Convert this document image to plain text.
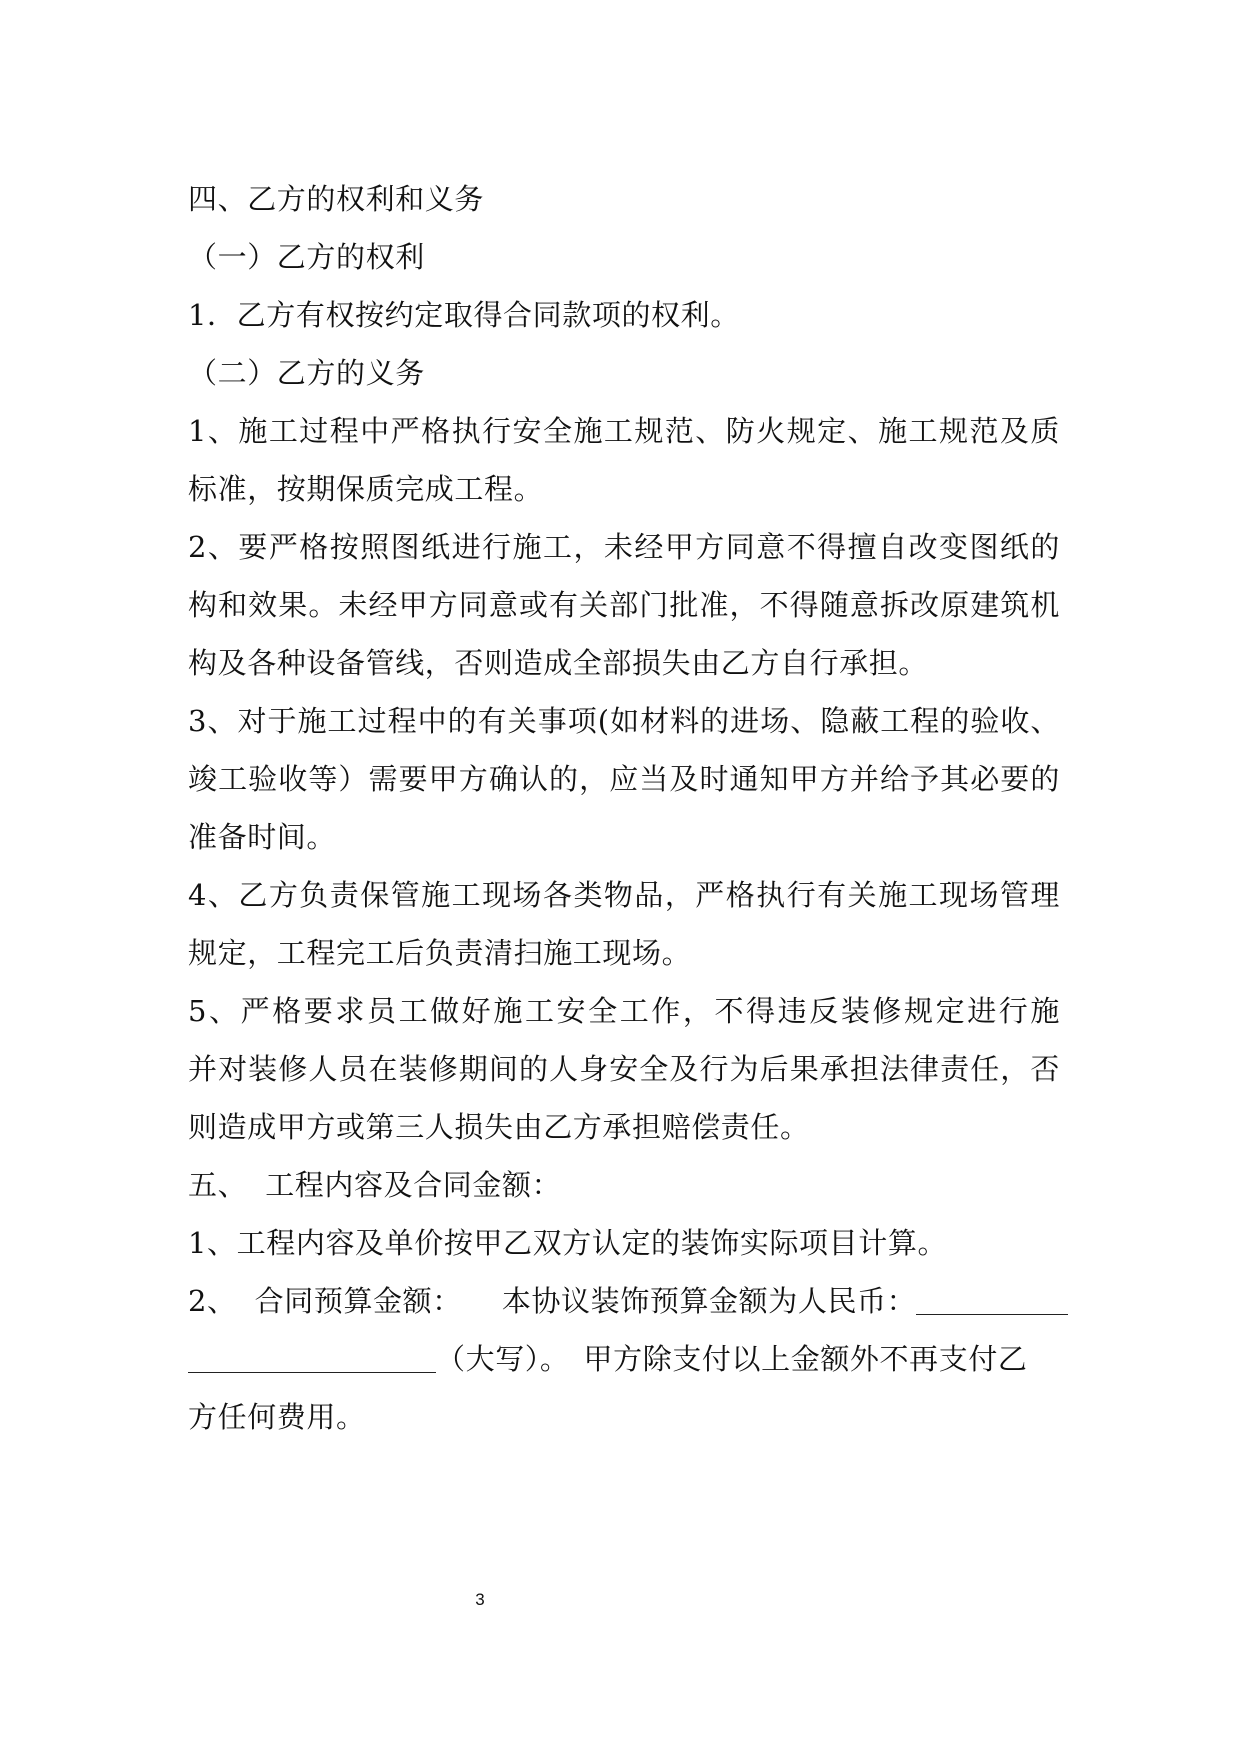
四、乙方的权利和义务
（一）乙方的权利
1．乙方有权按约定取得合同款项的权利。
（二）乙方的义务
1、施工过程中严格执行安全施工规范、防火规定、施工规范及质
标准，按期保质完成工程。
2、要严格按照图纸进行施工，未经甲方同意不得擅自改变图纸的
构和效果。未经甲方同意或有关部门批准，不得随意拆改原建筑机
构及各种设备管线，否则造成全部损失由乙方自行承担。
3、对于施工过程中的有关事项(如材料的进场、隐蔽工程的验收、
竣工验收等）需要甲方确认的，应当及时通知甲方并给予其必要的
准备时间。
4、乙方负责保管施工现场各类物品，严格执行有关施工现场管理
规定，工程完工后负责清扫施工现场。
5、严格要求员工做好施工安全工作，不得违反装修规定进行施
并对装修人员在装修期间的人身安全及行为后果承担法律责任，否
则造成甲方或第三人损失由乙方承担赔偿责任。
五、 工程内容及合同金额：
1、工程内容及单价按甲乙双方认定的装饰实际项目计算。
2、 合同预算金额： 本协议装饰预算金额为人民币：
（大写）。 甲方除支付以上金额外不再支付乙
方任何费用。
3
